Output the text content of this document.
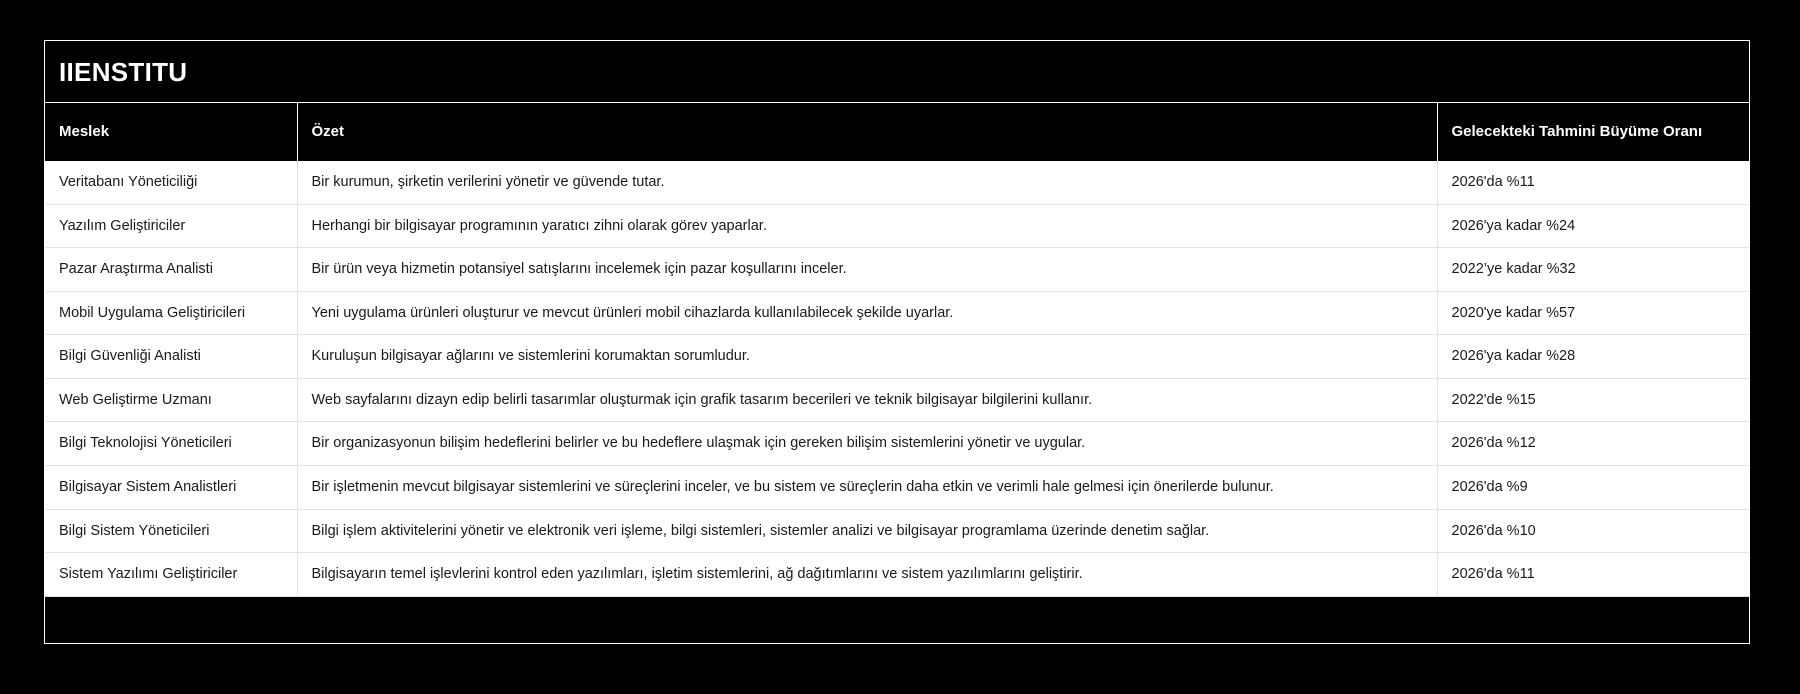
IIENSTITU
Meslek	Özet	Gelecekteki Tahmini Büyüme Oranı
Veritabanı Yöneticiliği	Bir kurumun, şirketin verilerini yönetir ve güvende tutar.	2026'da %11
Yazılım Geliştiriciler	Herhangi bir bilgisayar programının yaratıcı zihni olarak görev yaparlar.	2026'ya kadar %24
Pazar Araştırma Analisti	Bir ürün veya hizmetin potansiyel satışlarını incelemek için pazar koşullarını inceler.	2022’ye kadar %32
Mobil Uygulama Geliştiricileri	Yeni uygulama ürünleri oluşturur ve mevcut ürünleri mobil cihazlarda kullanılabilecek şekilde uyarlar.	2020'ye kadar %57
Bilgi Güvenliği Analisti	Kuruluşun bilgisayar ağlarını ve sistemlerini korumaktan sorumludur.	2026'ya kadar %28
Web Geliştirme Uzmanı	Web sayfalarını dizayn edip belirli tasarımlar oluşturmak için grafik tasarım becerileri ve teknik bilgisayar bilgilerini kullanır.	2022'de %15
Bilgi Teknolojisi Yöneticileri	Bir organizasyonun bilişim hedeflerini belirler ve bu hedeflere ulaşmak için gereken bilişim sistemlerini yönetir ve uygular.	2026'da %12
Bilgisayar Sistem Analistleri	Bir işletmenin mevcut bilgisayar sistemlerini ve süreçlerini inceler, ve bu sistem ve süreçlerin daha etkin ve verimli hale gelmesi için önerilerde bulunur.	2026'da %9
Bilgi Sistem Yöneticileri	Bilgi işlem aktivitelerini yönetir ve elektronik veri işleme, bilgi sistemleri, sistemler analizi ve bilgisayar programlama üzerinde denetim sağlar.	2026'da %10
Sistem Yazılımı Geliştiriciler	Bilgisayarın temel işlevlerini kontrol eden yazılımları, işletim sistemlerini, ağ dağıtımlarını ve sistem yazılımlarını geliştirir.	2026'da %11
